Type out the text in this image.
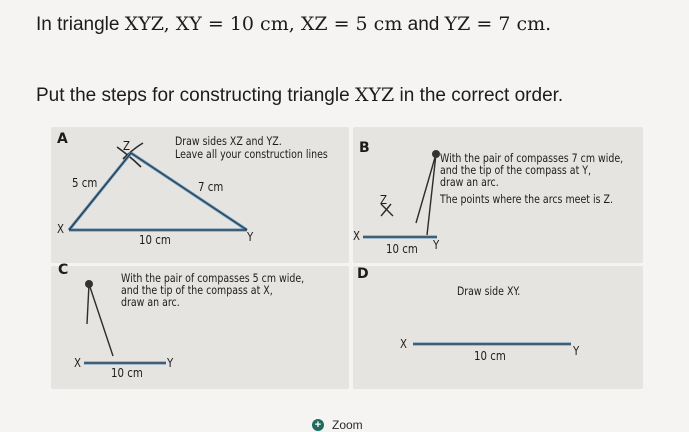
In triangle XYZ, XY = 10 cm, XZ = 5 cm and YZ = 7 cm.
Put the steps for constructing triangle XYZ in the correct order.
A	Draw sides XZ and YZ.
Leave all your construction lines
Z
5 cm	7 cm
X
Y
10 cm
B
With the pair of compasses 7 cm wide,
and the tip of the compass at Y,
draw an arc.
The points where the arcs meet is Z.
Z
X
Y
10 cm
C	With the pair of compasses 5 cm wide,
and the tip of the compass at X,
draw an arc.
X	Y
10 cm
D
Draw side XY.
X	Y
10 cm
+ Zoom
